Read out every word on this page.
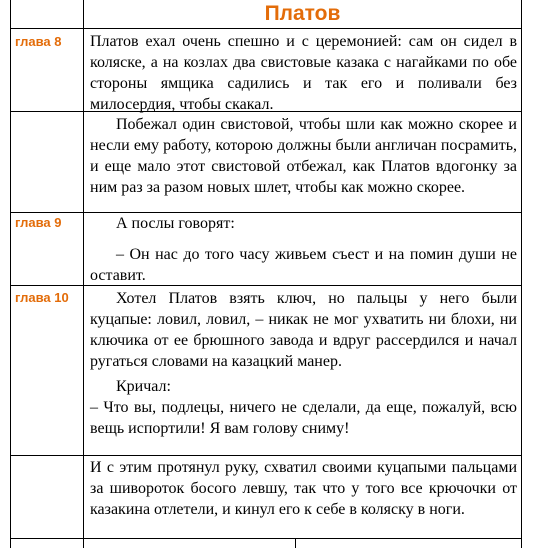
Платов
глава 8 Платов ехал очень спешно и с церемонией: сам он сидел в коляске, а на козлах два свистовые казака с нагайками по обе стороны ямщика садились и так его и поливали без милосердия, чтобы скакал.

Побежал один свистовой, чтобы шли как можно скорее и несли ему работу, которою должны были англичан посрамить, и еще мало этот свистовой отбежал, как Платов вдогонку за ним раз за разом новых шлет, чтобы как можно скорее.

глава 9	А послы говорят:

– Он нас до того часу живьем съест и на помин души не оставит.

глава 10	Хотел Платов взять ключ, но пальцы у него были куцапые: ловил, ловил, – никак не мог ухватить ни блохи, ни ключика от ее брюшного завода и вдруг рассердился и начал ругаться словами на казацкий манер.

Кричал:

– Что вы, подлецы, ничего не сделали, да еще, пожалуй, всю вещь испортили! Я вам голову сниму!

И с этим протянул руку, схватил своими куцапыми пальцами за шивороток босого левшу, так что у того все крючочки от казакина отлетели, и кинул его к себе в коляску в ноги.
